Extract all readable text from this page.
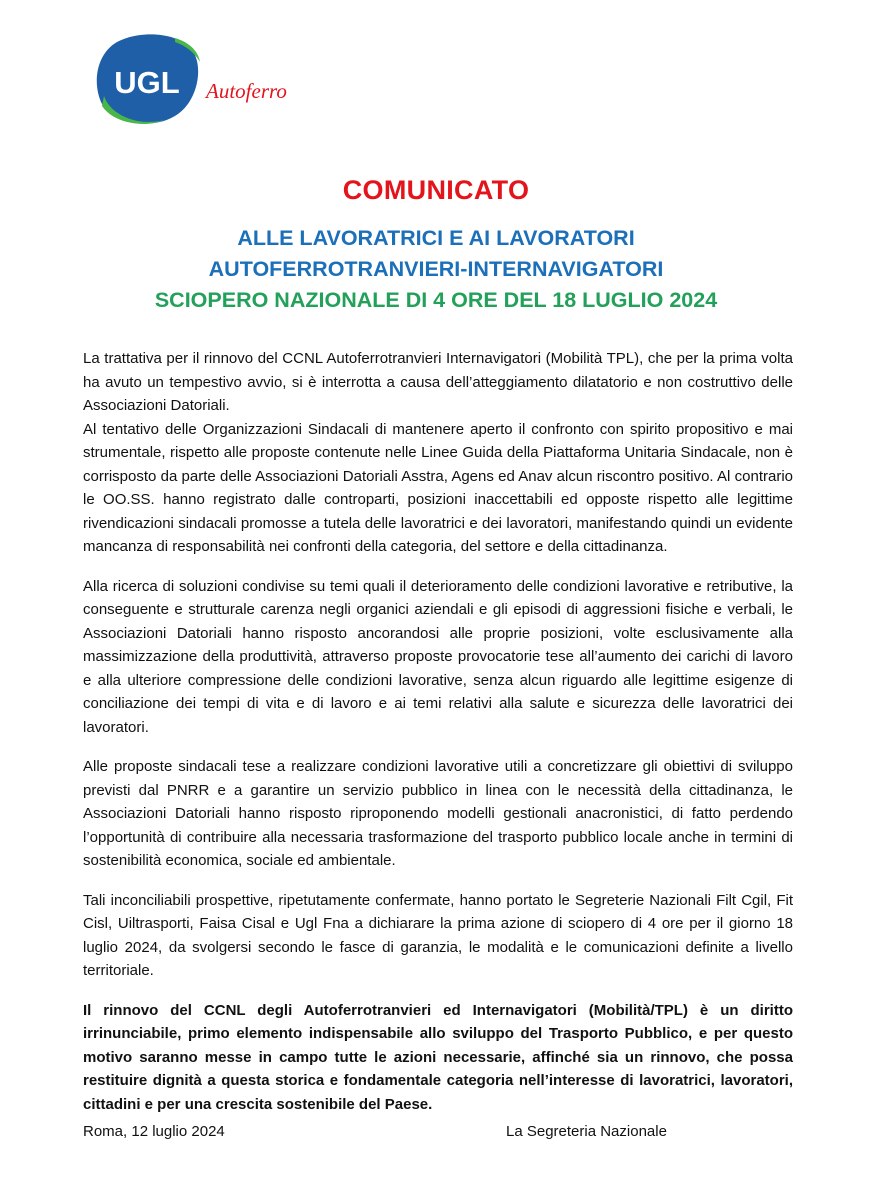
UGL Autoferro
COMUNICATO
ALLE LAVORATRICI E AI LAVORATORI
AUTOFERROTRANVIERI-INTERNAVIGATORI
SCIOPERO NAZIONALE DI 4 ORE DEL 18 LUGLIO 2024

La trattativa per il rinnovo del CCNL Autoferrotranvieri Internavigatori (Mobilità TPL), che per la prima volta ha avuto un tempestivo avvio, si è interrotta a causa dell’atteggiamento dilatatorio e non costruttivo delle Associazioni Datoriali.

Al tentativo delle Organizzazioni Sindacali di mantenere aperto il confronto con spirito propositivo e mai strumentale, rispetto alle proposte contenute nelle Linee Guida della Piattaforma Unitaria Sindacale, non è corrisposto da parte delle Associazioni Datoriali Asstra, Agens ed Anav alcun riscontro positivo. Al contrario le OO.SS. hanno registrato dalle controparti, posizioni inaccettabili ed opposte rispetto alle legittime rivendicazioni sindacali promosse a tutela delle lavoratrici e dei lavoratori, manifestando quindi un evidente mancanza di responsabilità nei confronti della categoria, del settore e della cittadinanza.

Alla ricerca di soluzioni condivise su temi quali il deterioramento delle condizioni lavorative e retributive, la conseguente e strutturale carenza negli organici aziendali e gli episodi di aggressioni fisiche e verbali, le Associazioni Datoriali hanno risposto ancorandosi alle proprie posizioni, volte esclusivamente alla massimizzazione della produttività, attraverso proposte provocatorie tese all’aumento dei carichi di lavoro e alla ulteriore compressione delle condizioni lavorative, senza alcun riguardo alle legittime esigenze di conciliazione dei tempi di vita e di lavoro e ai temi relativi alla salute e sicurezza delle lavoratrici dei lavoratori.

Alle proposte sindacali tese a realizzare condizioni lavorative utili a concretizzare gli obiettivi di sviluppo previsti dal PNRR e a garantire un servizio pubblico in linea con le necessità della cittadinanza, le Associazioni Datoriali hanno risposto riproponendo modelli gestionali anacronistici, di fatto perdendo l’opportunità di contribuire alla necessaria trasformazione del trasporto pubblico locale anche in termini di sostenibilità economica, sociale ed ambientale.

Tali inconciliabili prospettive, ripetutamente confermate, hanno portato le Segreterie Nazionali Filt Cgil, Fit Cisl, Uiltrasporti, Faisa Cisal e Ugl Fna a dichiarare la prima azione di sciopero di 4 ore per il giorno 18 luglio 2024, da svolgersi secondo le fasce di garanzia, le modalità e le comunicazioni definite a livello territoriale.

Il rinnovo del CCNL degli Autoferrotranvieri ed Internavigatori (Mobilità/TPL) è un diritto irrinunciabile, primo elemento indispensabile allo sviluppo del Trasporto Pubblico, e per questo motivo saranno messe in campo tutte le azioni necessarie, affinché sia un rinnovo, che possa restituire dignità a questa storica e fondamentale categoria nell’interesse di lavoratrici, lavoratori, cittadini e per una crescita sostenibile del Paese.

Roma, 12 luglio 2024	La Segreteria Nazionale
